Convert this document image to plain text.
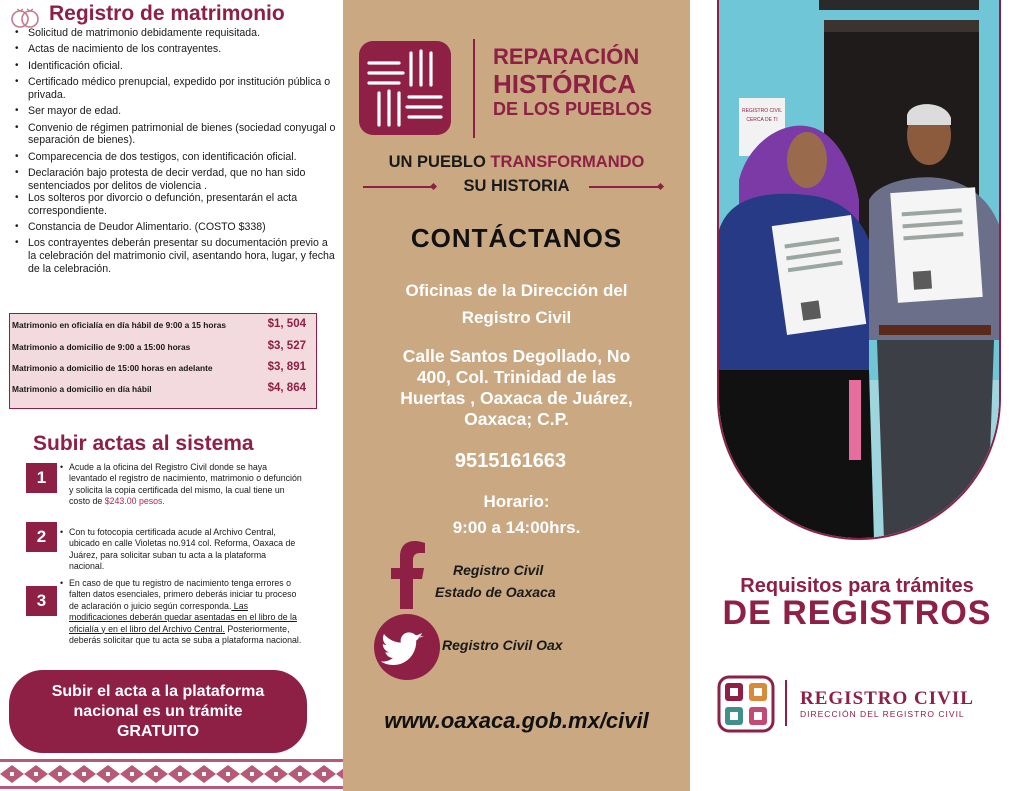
Registro de matrimonio
• Solicitud de matrimonio debidamente requisitada.
• Actas de nacimiento de los contrayentes.
• Identificación oficial.
• Certificado médico prenupcial, expedido por institución pública o privada.
• Ser mayor de edad.
• Convenio de régimen patrimonial de bienes (sociedad conyugal o separación de bienes).
• Comparecencia de dos testigos, con identificación oficial.
• Declaración bajo protesta de decir verdad, que no han sido sentenciados por delitos de violencia .
• Los solteros por divorcio o defunción, presentarán el acta correspondiente.
• Constancia de Deudor Alimentario. (COSTO $338)
• Los contrayentes deberán presentar su documentación previo a la celebración del matrimonio civil, asentando hora, lugar, y fecha de la celebración.
Matrimonio en oficialía en día hábil de 9:00 a 15 horas	$1, 504
Matrimonio a domicilio de 9:00 a 15:00 horas	$3, 527
Matrimonio a domicilio de 15:00 horas en adelante	$3, 891
Matrimonio a domicilio en día hábil	$4, 864
Subir actas al sistema
1
• Acude a la oficina del Registro Civil donde se haya levantado el registro de nacimiento, matrimonio o defunción y solicita la copia certificada del mismo, la cual tiene un costo de $243.00 pesos.
2
•	Con tu fotocopia certificada acude al Archivo Central, ubicado en calle Violetas no.914 col. Reforma, Oaxaca de Juárez, para solicitar suban tu acta a la plataforma nacional.
3
• En caso de que tu registro de nacimiento tenga errores o falten datos esenciales, primero deberás iniciar tu proceso de aclaración o juicio según corresponda. Las modificaciones deberán quedar asentadas en el libro de la oficialía y en el libro del Archivo Central. Posteriormente, deberás solicitar que tu acta se suba a plataforma nacional.
Subir el acta a la plataforma
nacional es un trámite
GRATUITO
REPARACIÓN
HISTÓRICA
DE LOS PUEBLOS
UN PUEBLO TRANSFORMANDO
SU HISTORIA
CONTÁCTANOS
Oficinas de la Dirección del
Registro Civil
Calle Santos Degollado, No
400, Col. Trinidad de las
Huertas , Oaxaca de Juárez,
Oaxaca; C.P.
9515161663
Horario:
9:00 a 14:00hrs.
Registro Civil
Estado de Oaxaca
Registro Civil Oax
www.oaxaca.gob.mx/civil
REGISTRO CIVIL
CERCA DE TI
Requisitos para trámites
DE REGISTROS
REGISTRO CIVIL
DIRECCIÓN DEL REGISTRO CIVIL
